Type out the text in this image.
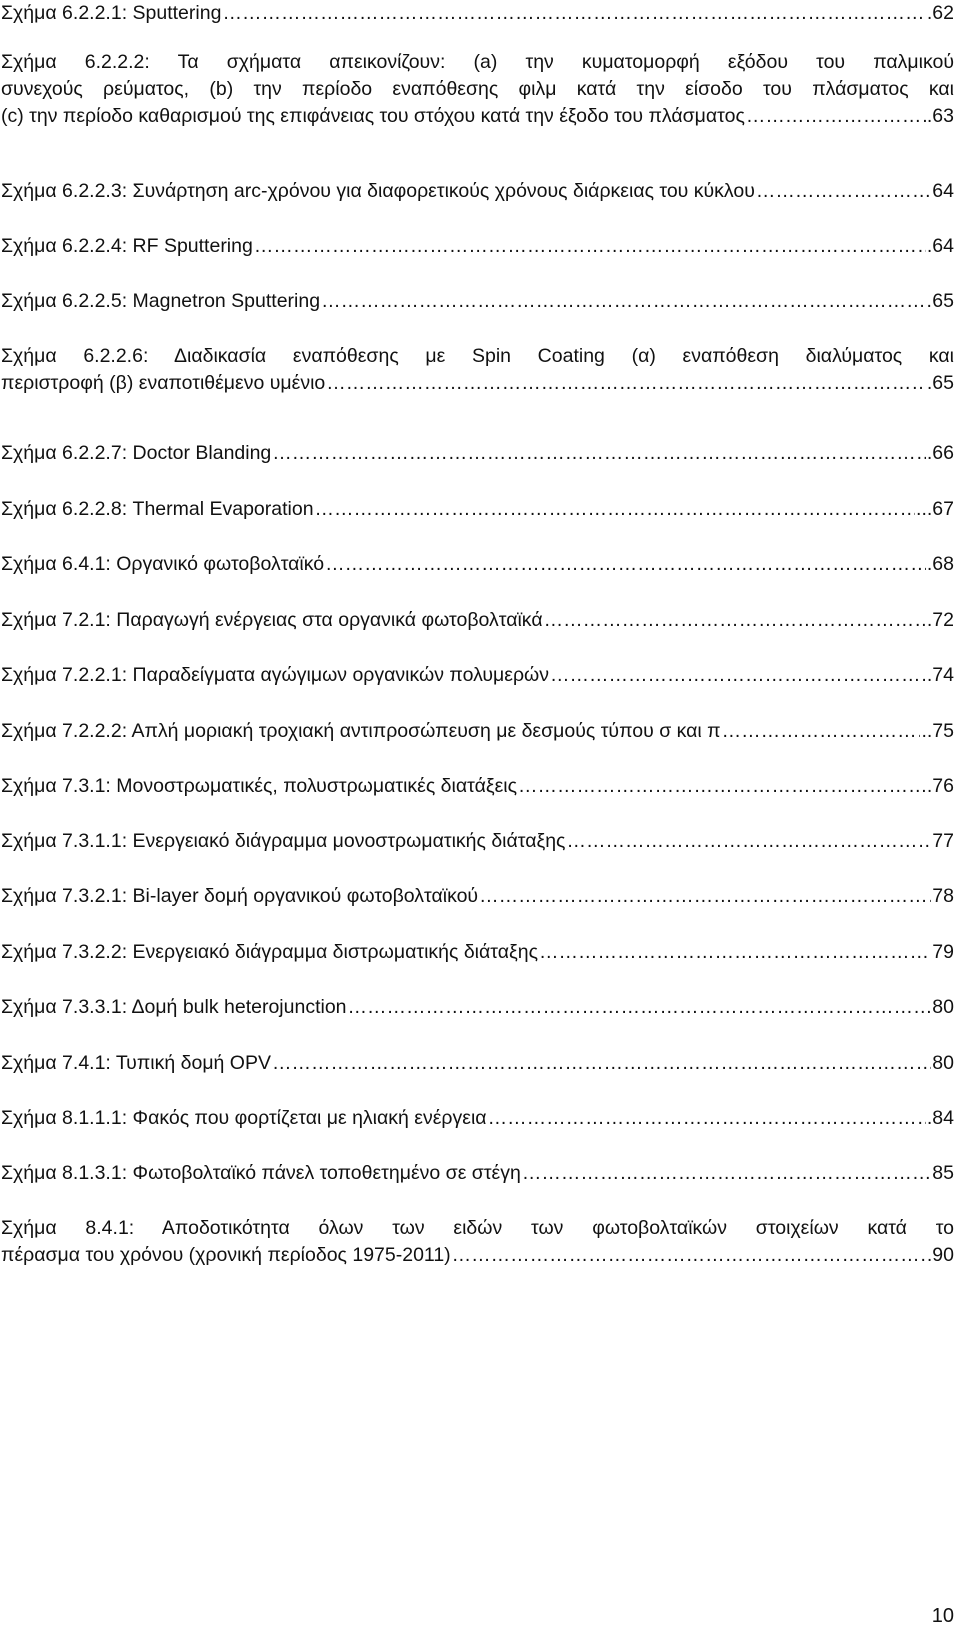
Σχήμα 6.2.2.1: Sputtering ……………………………………………………………………………………………………………………………………………………………………………………………………………………	.62
Σχήμα 6.2.2.2: Τα σχήματα απεικονίζουν: (a) την κυματομορφή εξόδου του παλμικού
συνεχούς ρεύματος, (b) την περίοδο εναπόθεσης φιλμ κατά την είσοδο του πλάσματος και
(c) την περίοδο καθαρισμού της επιφάνειας του στόχου κατά την έξοδο του πλάσματος ……………………………………………………………………………………………………………………………………………………………………………………………………………………	.63
Σχήμα 6.2.2.3: Συνάρτηση arc-χρόνου για διαφορετικούς χρόνους διάρκειας του κύκλου ……………………………………………………………………………………………………………………………………………………………………………………………………………………	64
Σχήμα 6.2.2.4: RF Sputtering ……………………………………………………………………………………………………………………………………………………………………………………………………………………	.64
Σχήμα 6.2.2.5: Magnetron Sputtering ……………………………………………………………………………………………………………………………………………………………………………………………………………………	65
Σχήμα 6.2.2.6: Διαδικασία εναπόθεσης με Spin Coating (α) εναπόθεση διαλύματος και
περιστροφή (β) εναποτιθέμενο υμένιο ……………………………………………………………………………………………………………………………………………………………………………………………………………………	.65
Σχήμα 6.2.2.7: Doctor Blanding ……………………………………………………………………………………………………………………………………………………………………………………………………………………	.66
Σχήμα 6.2.2.8: Thermal Evaporation ……………………………………………………………………………………………………………………………………………………………………………………………………………………	...67
Σχήμα 6.4.1: Οργανικό φωτοβολταϊκό ……………………………………………………………………………………………………………………………………………………………………………………………………………………	.68
Σχήμα 7.2.1: Παραγωγή ενέργειας στα οργανικά φωτοβολταϊκά ……………………………………………………………………………………………………………………………………………………………………………………………………………………	.72
Σχήμα 7.2.2.1: Παραδείγματα αγώγιμων οργανικών πολυμερών ……………………………………………………………………………………………………………………………………………………………………………………………………………………	.74
Σχήμα 7.2.2.2: Απλή μοριακή τροχιακή αντιπροσώπευση με δεσμούς τύπου σ και π ……………………………………………………………………………………………………………………………………………………………………………………………………………………	..75
Σχήμα 7.3.1: Μονοστρωματικές, πολυστρωματικές διατάξεις ……………………………………………………………………………………………………………………………………………………………………………………………………………………	.76
Σχήμα 7.3.1.1: Ενεργειακό διάγραμμα μονοστρωματικής διάταξης ……………………………………………………………………………………………………………………………………………………………………………………………………………………	77
Σχήμα 7.3.2.1: Bi-layer δομή οργανικού φωτοβολταϊκού ……………………………………………………………………………………………………………………………………………………………………………………………………………………	78
Σχήμα 7.3.2.2: Ενεργειακό διάγραμμα διστρωματικής διάταξης ……………………………………………………………………………………………………………………………………………………………………………………………………………………	79
Σχήμα 7.3.3.1: Δομή bulk heterojunction ……………………………………………………………………………………………………………………………………………………………………………………………………………………	80
Σχήμα 7.4.1: Τυπική δομή OPV ……………………………………………………………………………………………………………………………………………………………………………………………………………………	80
Σχήμα 8.1.1.1: Φακός που φορτίζεται με ηλιακή ενέργεια ……………………………………………………………………………………………………………………………………………………………………………………………………………………	.84
Σχήμα 8.1.3.1: Φωτοβολταϊκό πάνελ τοποθετημένο σε στέγη ……………………………………………………………………………………………………………………………………………………………………………………………………………………	85
Σχήμα 8.4.1: Αποδοτικότητα όλων των ειδών των φωτοβολταϊκών στοιχείων κατά το
πέρασμα του χρόνου (χρονική περίοδος 1975-2011) ……………………………………………………………………………………………………………………………………………………………………………………………………………………	.90
10
